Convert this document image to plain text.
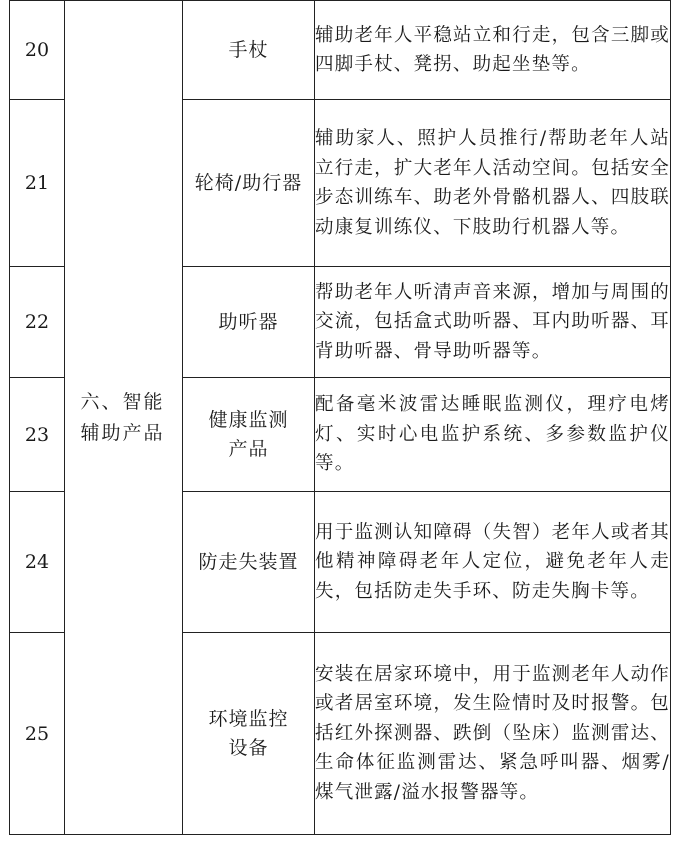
20	六、智能辅助产品	手杖	辅助老年人平稳站立和行走，包含三脚或四脚手杖、凳拐、助起坐垫等。
21		轮椅/助行器	辅助家人、照护人员推行/帮助老年人站立行走，扩大老年人活动空间。包括安全步态训练车、助老外骨骼机器人、四肢联动康复训练仪、下肢助行机器人等。
22		助听器	帮助老年人听清声音来源，增加与周围的交流，包括盒式助听器、耳内助听器、耳背助听器、骨导助听器等。
23		健康监测产品	配备毫米波雷达睡眠监测仪，理疗电烤灯、实时心电监护系统、多参数监护仪等。
24		防走失装置	用于监测认知障碍（失智）老年人或者其他精神障碍老年人定位，避免老年人走失，包括防走失手环、防走失胸卡等。
25		环境监控设备	安装在居家环境中，用于监测老年人动作或者居室环境，发生险情时及时报警。包括红外探测器、跌倒（坠床）监测雷达、生命体征监测雷达、紧急呼叫器、烟雾/煤气泄露/溢水报警器等。
